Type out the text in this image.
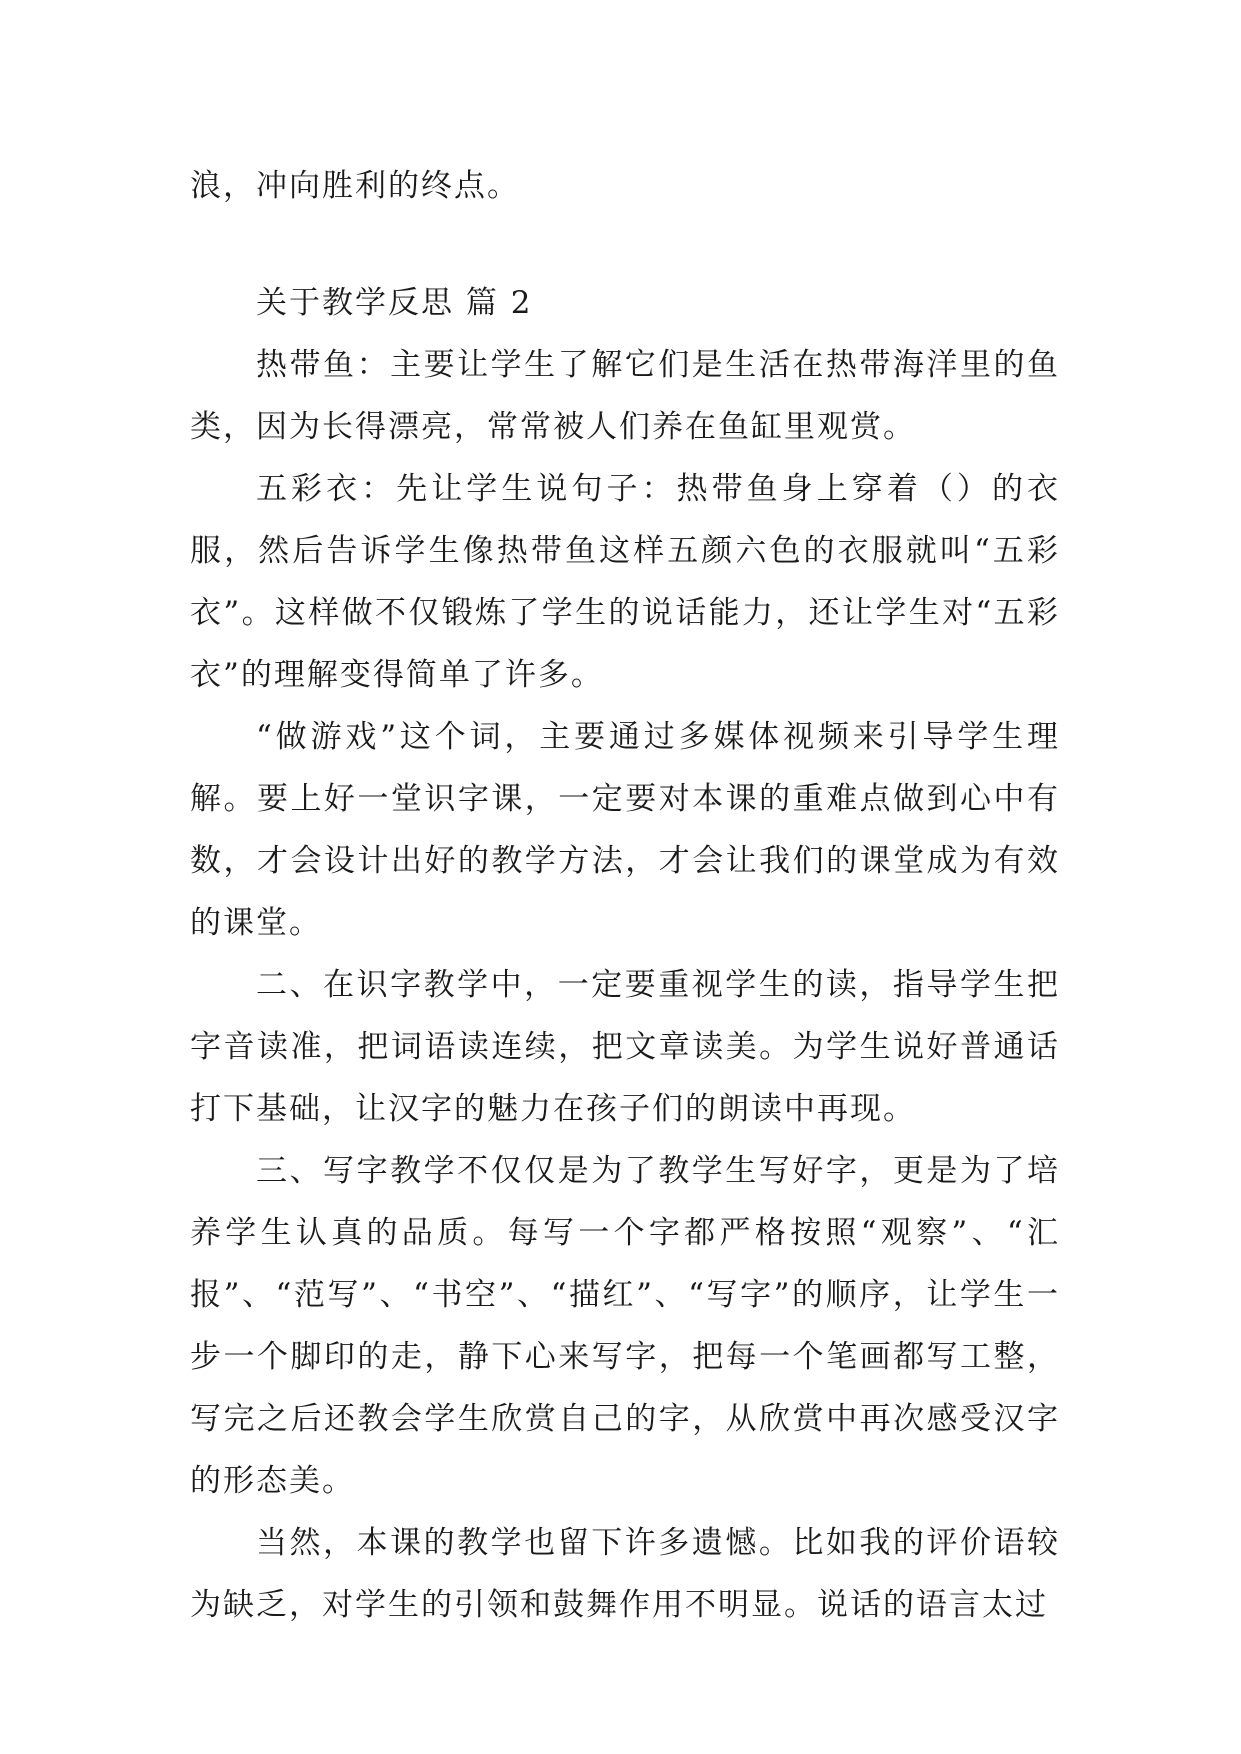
浪，冲向胜利的终点。

关于教学反思 篇 2

热带鱼：主要让学生了解它们是生活在热带海洋里的鱼类，因为长得漂亮，常常被人们养在鱼缸里观赏。

五彩衣：先让学生说句子：热带鱼身上穿着（）的衣服，然后告诉学生像热带鱼这样五颜六色的衣服就叫“五彩衣”。这样做不仅锻炼了学生的说话能力，还让学生对“五彩衣”的理解变得简单了许多。

“做游戏”这个词，主要通过多媒体视频来引导学生理解。要上好一堂识字课，一定要对本课的重难点做到心中有数，才会设计出好的教学方法，才会让我们的课堂成为有效的课堂。

二、在识字教学中，一定要重视学生的读，指导学生把字音读准，把词语读连续，把文章读美。为学生说好普通话打下基础，让汉字的魅力在孩子们的朗读中再现。

三、写字教学不仅仅是为了教学生写好字，更是为了培养学生认真的品质。每写一个字都严格按照“观察”、“汇报”、“范写”、“书空”、“描红”、“写字”的顺序，让学生一步一个脚印的走，静下心来写字，把每一个笔画都写工整，写完之后还教会学生欣赏自己的字，从欣赏中再次感受汉字的形态美。

当然，本课的教学也留下许多遗憾。比如我的评价语较为缺乏，对学生的引领和鼓舞作用不明显。说话的语言太过
